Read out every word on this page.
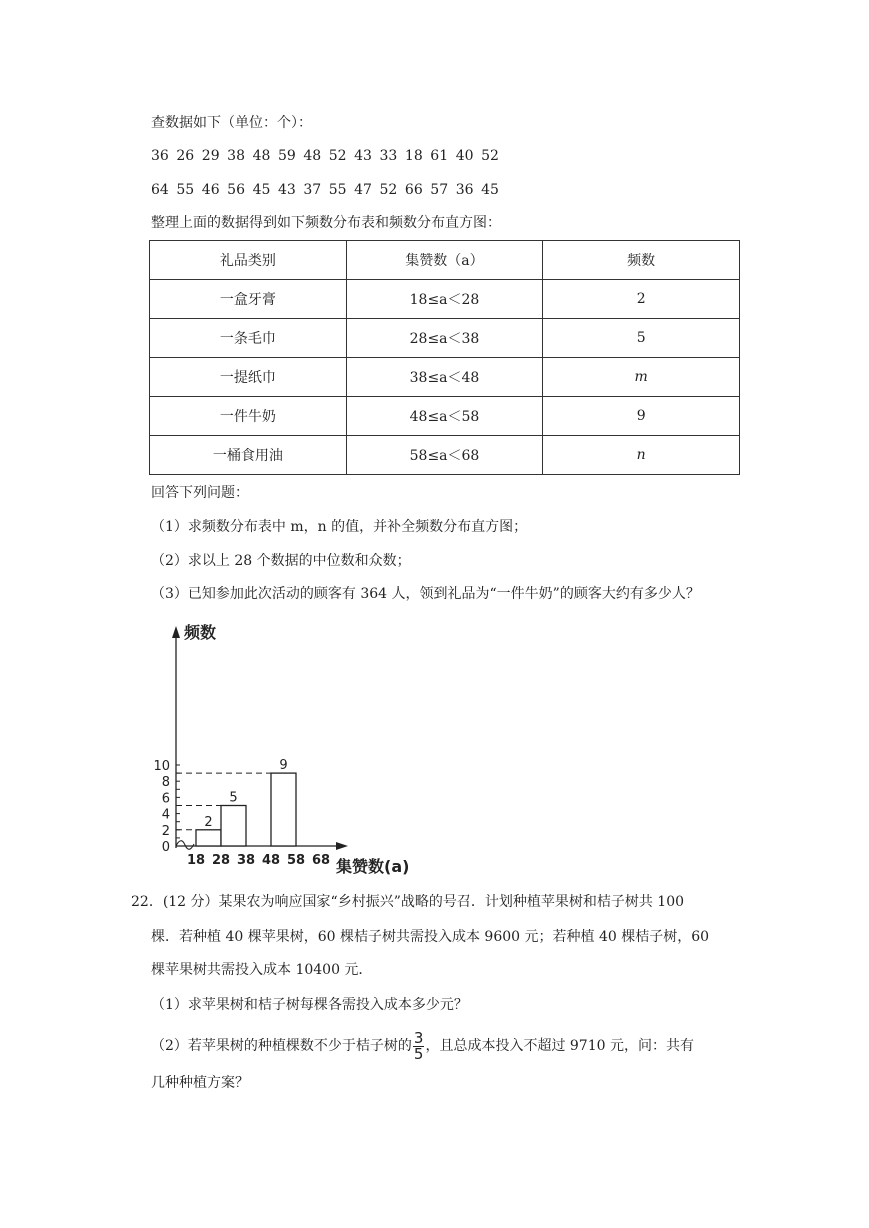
查数据如下（单位：个）：
36 26 29 38 48 59 48 52 43 33 18 61 40 52
64 55 46 56 45 43 37 55 47 52 66 57 36 45
整理上面的数据得到如下频数分布表和频数分布直方图：
礼品类别	集赞数（a）	频数
一盒牙膏	18≤a＜28	2
一条毛巾	28≤a＜38	5
一提纸巾	38≤a＜48	m
一件牛奶	48≤a＜58	9
一桶食用油	58≤a＜68	n
回答下列问题：
（1）求频数分布表中 m，n 的值，并补全频数分布直方图；
（2）求以上 28 个数据的中位数和众数；
（3）已知参加此次活动的顾客有 364 人，领到礼品为“一件牛奶”的顾客大约有多少人？
0
2
4
6
8
10
18 28 38 48 58 68
频数
集赞数(a)
2
5
9
22．(12 分）某果农为响应国家“乡村振兴”战略的号召．计划种植苹果树和桔子树共 100
棵．若种植 40 棵苹果树，60 棵桔子树共需投入成本 9600 元；若种植 40 棵桔子树，60
棵苹果树共需投入成本 10400 元．
（1）求苹果树和桔子树每棵各需投入成本多少元？
（2）若苹果树的种植棵数不少于桔子树的 $\frac{3}{5}$ ，且总成本投入不超过 9710 元，问：共有
几种种植方案？
